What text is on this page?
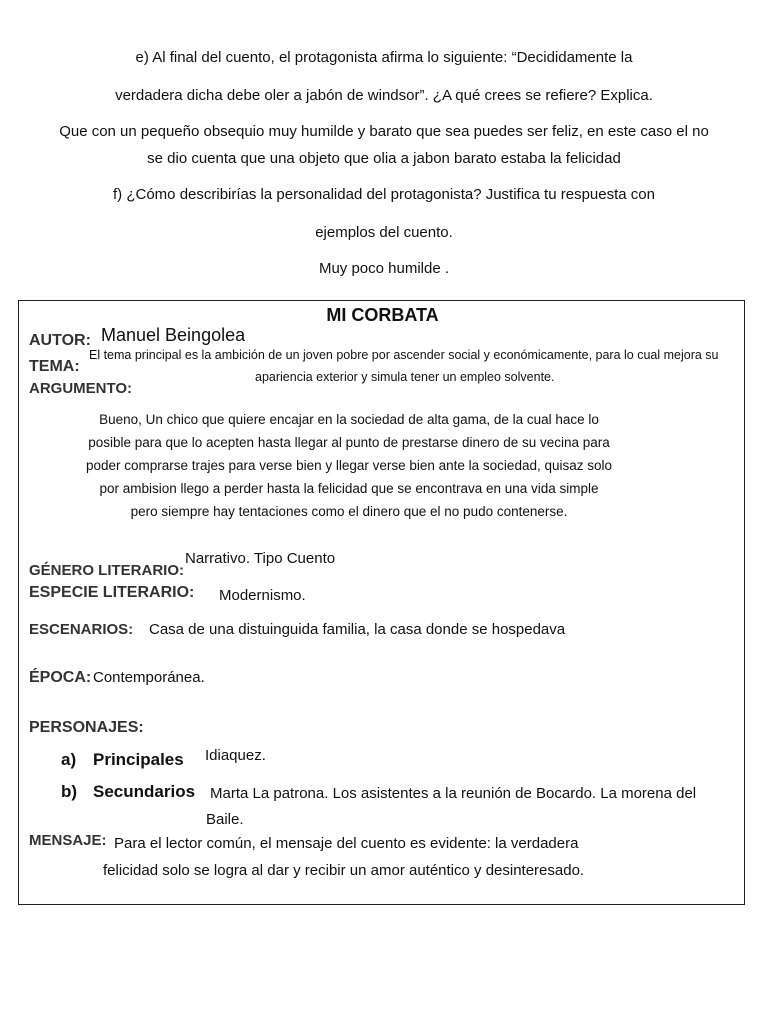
e) Al final del cuento, el protagonista afirma lo siguiente: “Decididamente la
verdadera dicha debe oler a jabón de windsor”. ¿A qué crees se refiere? Explica.
Que con un pequeño obsequio muy humilde y barato que sea puedes ser feliz, en este caso el no
se dio cuenta que una objeto que olia a jabon barato estaba la felicidad
f) ¿Cómo describirías la personalidad del protagonista? Justifica tu respuesta con
ejemplos del cuento.
Muy poco humilde .
MI CORBATA
AUTOR: Manuel Beingolea
TEMA:
El tema principal es la ambición de un joven pobre por ascender social y económicamente, para lo cual mejora su
apariencia exterior y simula tener un empleo solvente.
ARGUMENTO:
Bueno, Un chico que quiere encajar en la sociedad de alta gama, de la cual hace lo
posible para que lo acepten hasta llegar al punto de prestarse dinero de su vecina para
poder comprarse trajes para verse bien y llegar verse bien ante la sociedad, quisaz solo
por ambision llego a perder hasta la felicidad que se encontrava en una vida simple
pero siempre hay tentaciones como el dinero que el no pudo contenerse.
Narrativo. Tipo Cuento
GÉNERO LITERARIO:
ESPECIE LITERARIO: Modernismo.
ESCENARIOS: Casa de una distuinguida familia, la casa donde se hospedava
ÉPOCA: Contemporánea.
PERSONAJES:
a) Principales Idiaquez.
b) Secundarios Marta La patrona. Los asistentes a la reunión de Bocardo. La morena del
Baile.
MENSAJE: Para el lector común, el mensaje del cuento es evidente: la verdadera
felicidad solo se logra al dar y recibir un amor auténtico y desinteresado.
